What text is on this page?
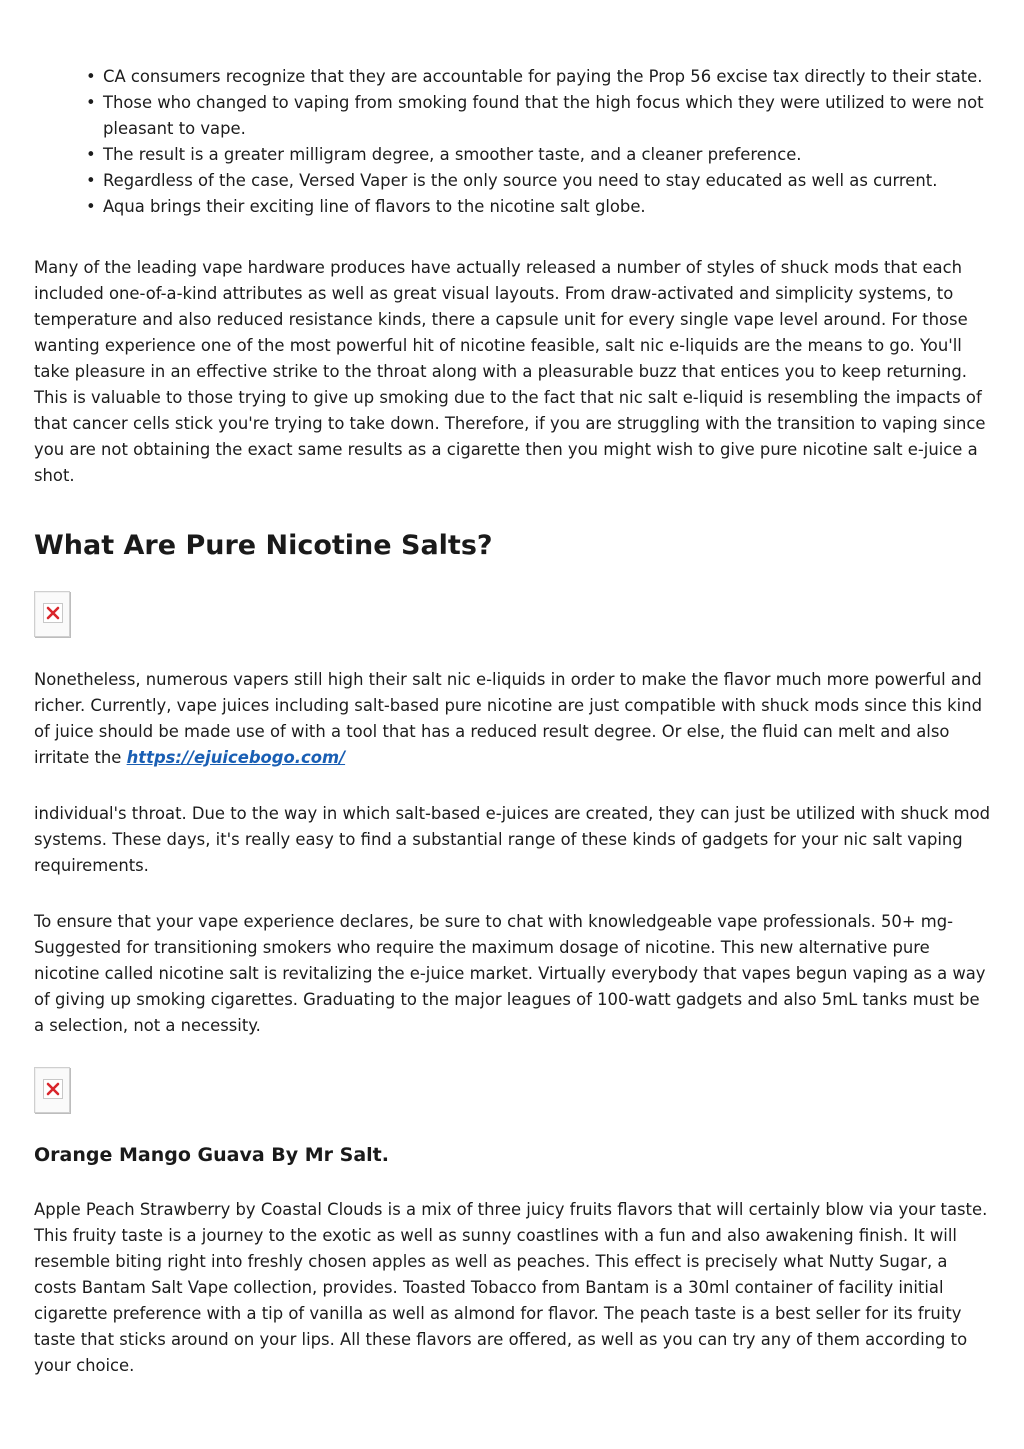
• CA consumers recognize that they are accountable for paying the Prop 56 excise tax directly to their state.
• Those who changed to vaping from smoking found that the high focus which they were utilized to were not pleasant to vape.
• The result is a greater milligram degree, a smoother taste, and a cleaner preference.
• Regardless of the case, Versed Vaper is the only source you need to stay educated as well as current.
• Aqua brings their exciting line of flavors to the nicotine salt globe.

Many of the leading vape hardware produces have actually released a number of styles of shuck mods that each included one-of-a-kind attributes as well as great visual layouts. From draw-activated and simplicity systems, to temperature and also reduced resistance kinds, there a capsule unit for every single vape level around. For those wanting experience one of the most powerful hit of nicotine feasible, salt nic e-liquids are the means to go. You'll take pleasure in an effective strike to the throat along with a pleasurable buzz that entices you to keep returning. This is valuable to those trying to give up smoking due to the fact that nic salt e-liquid is resembling the impacts of that cancer cells stick you're trying to take down. Therefore, if you are struggling with the transition to vaping since you are not obtaining the exact same results as a cigarette then you might wish to give pure nicotine salt e-juice a shot.

What Are Pure Nicotine Salts?

Nonetheless, numerous vapers still high their salt nic e-liquids in order to make the flavor much more powerful and richer. Currently, vape juices including salt-based pure nicotine are just compatible with shuck mods since this kind of juice should be made use of with a tool that has a reduced result degree. Or else, the fluid can melt and also irritate the https://ejuicebogo.com/

individual's throat. Due to the way in which salt-based e-juices are created, they can just be utilized with shuck mod systems. These days, it's really easy to find a substantial range of these kinds of gadgets for your nic salt vaping requirements.

To ensure that your vape experience declares, be sure to chat with knowledgeable vape professionals. 50+ mg- Suggested for transitioning smokers who require the maximum dosage of nicotine. This new alternative pure nicotine called nicotine salt is revitalizing the e-juice market. Virtually everybody that vapes begun vaping as a way of giving up smoking cigarettes. Graduating to the major leagues of 100-watt gadgets and also 5mL tanks must be a selection, not a necessity.

Orange Mango Guava By Mr Salt.

Apple Peach Strawberry by Coastal Clouds is a mix of three juicy fruits flavors that will certainly blow via your taste. This fruity taste is a journey to the exotic as well as sunny coastlines with a fun and also awakening finish. It will resemble biting right into freshly chosen apples as well as peaches. This effect is precisely what Nutty Sugar, a costs Bantam Salt Vape collection, provides. Toasted Tobacco from Bantam is a 30ml container of facility initial cigarette preference with a tip of vanilla as well as almond for flavor. The peach taste is a best seller for its fruity taste that sticks around on your lips. All these flavors are offered, as well as you can try any of them according to your choice.
